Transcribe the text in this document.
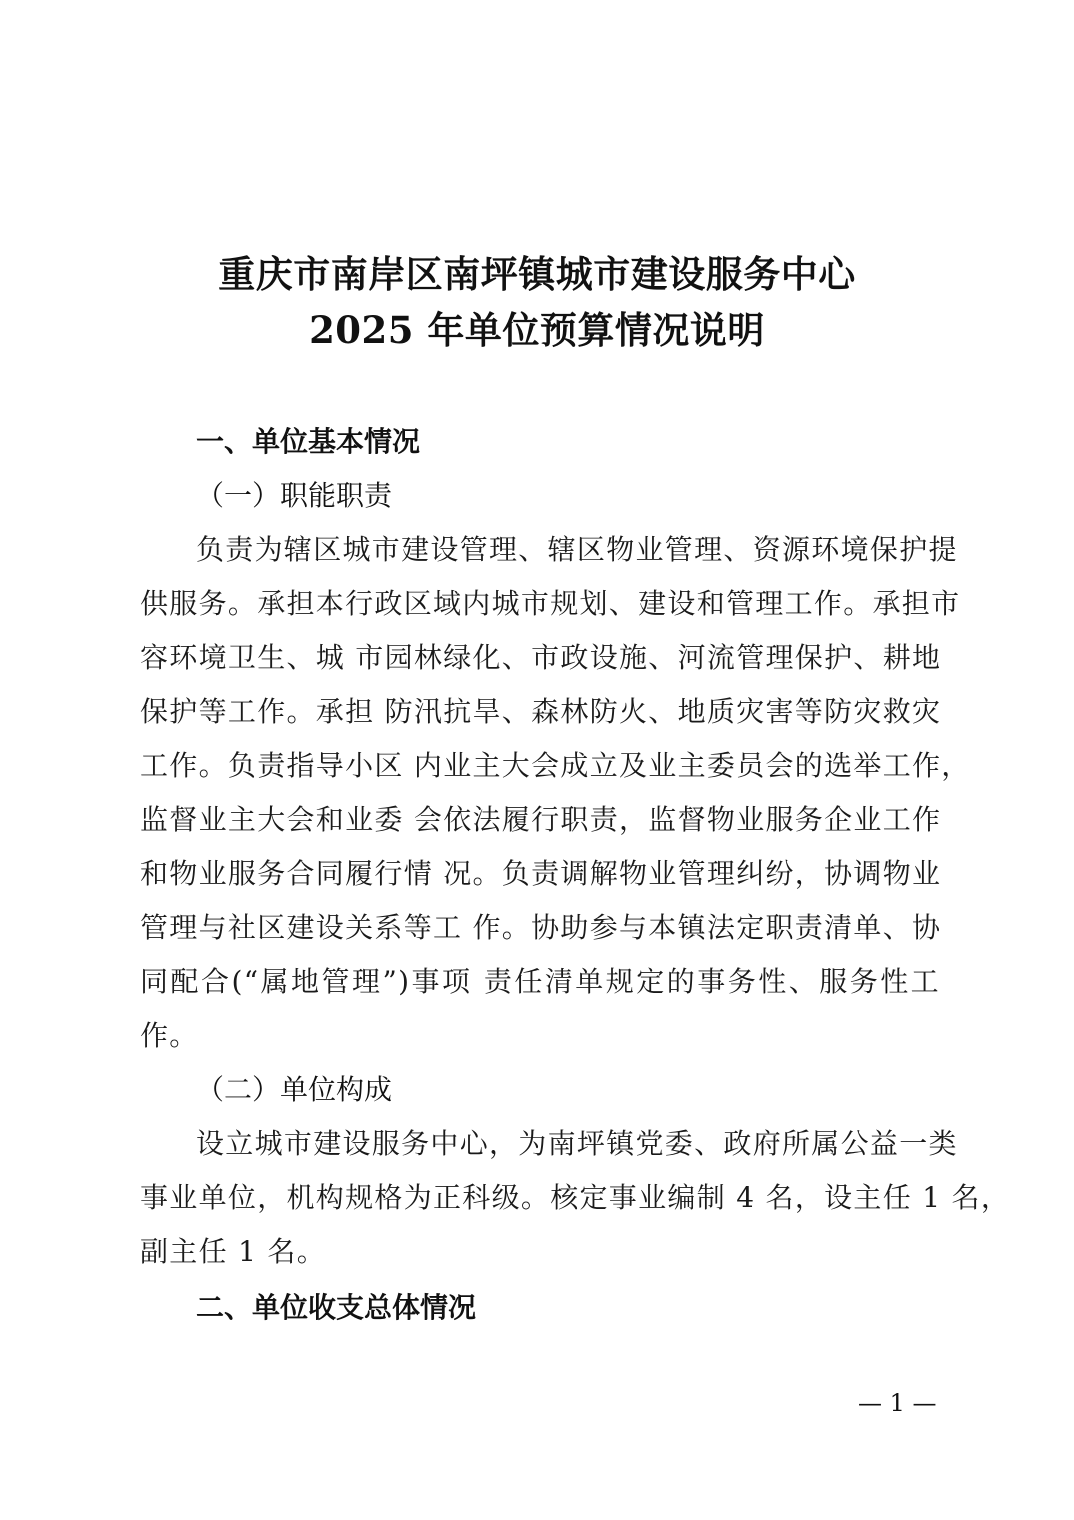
重庆市南岸区南坪镇城市建设服务中心
2025 年单位预算情况说明
一、单位基本情况
（一）职能职责
负责为辖区城市建设管理、辖区物业管理、资源环境保护提
供服务。承担本行政区域内城市规划、建设和管理工作。承担市
容环境卫生、城 市园林绿化、市政设施、河流管理保护、耕地
保护等工作。承担 防汛抗旱、森林防火、地质灾害等防灾救灾
工作。负责指导小区 内业主大会成立及业主委员会的选举工作，
监督业主大会和业委 会依法履行职责，监督物业服务企业工作
和物业服务合同履行情 况。负责调解物业管理纠纷，协调物业
管理与社区建设关系等工 作。协助参与本镇法定职责清单、协
同配合(“属地管理”)事项 责任清单规定的事务性、服务性工
作。
（二）单位构成
设立城市建设服务中心，为南坪镇党委、政府所属公益一类
事业单位，机构规格为正科级。核定事业编制 4 名，设主任 1 名，
副主任 1 名。
二、单位收支总体情况
— 1 —
